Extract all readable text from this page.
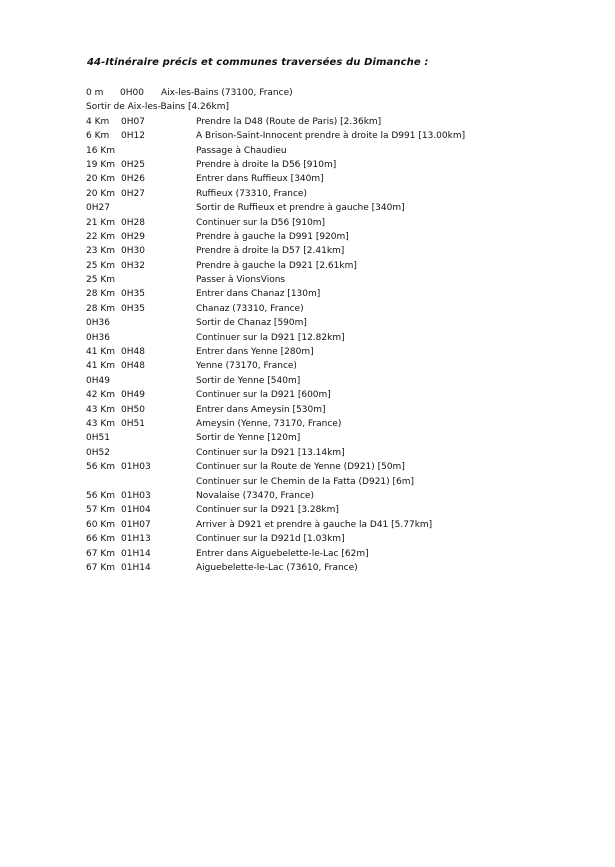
44-Itinéraire précis et communes traversées du Dimanche :
0 m 0H00 Aix-les-Bains (73100, France)
Sortir de Aix-les-Bains [4.26km]
4 Km 0H07	Prendre la D48 (Route de Paris) [2.36km]
6 Km 0H12	A Brison-Saint-Innocent prendre à droite la D991 [13.00km]
16 Km	Passage à Chaudieu
19 Km 0H25	Prendre à droite la D56 [910m]
20 Km 0H26	Entrer dans Ruffieux [340m]
20 Km 0H27	Ruffieux (73310, France)
0H27	Sortir de Ruffieux et prendre à gauche [340m]
21 Km 0H28	Continuer sur la D56 [910m]
22 Km 0H29	Prendre à gauche la D991 [920m]
23 Km 0H30	Prendre à droite la D57 [2.41km]
25 Km 0H32	Prendre à gauche la D921 [2.61km]
25 Km	Passer à VionsVions
28 Km 0H35	Entrer dans Chanaz [130m]
28 Km 0H35	Chanaz (73310, France)
0H36	Sortir de Chanaz [590m]
0H36	Continuer sur la D921 [12.82km]
41 Km 0H48	Entrer dans Yenne [280m]
41 Km 0H48	Yenne (73170, France)
0H49	Sortir de Yenne [540m]
42 Km 0H49	Continuer sur la D921 [600m]
43 Km 0H50	Entrer dans Ameysin [530m]
43 Km 0H51	Ameysin (Yenne, 73170, France)
0H51	Sortir de Yenne [120m]
0H52	Continuer sur la D921 [13.14km]
56 Km 01H03	Continuer sur la Route de Yenne (D921) [50m]
Continuer sur le Chemin de la Fatta (D921) [6m]
56 Km 01H03	Novalaise (73470, France)
57 Km 01H04	Continuer sur la D921 [3.28km]
60 Km 01H07	Arriver à D921 et prendre à gauche la D41 [5.77km]
66 Km 01H13	Continuer sur la D921d [1.03km]
67 Km 01H14	Entrer dans Aiguebelette-le-Lac [62m]
67 Km 01H14	Aiguebelette-le-Lac (73610, France)
